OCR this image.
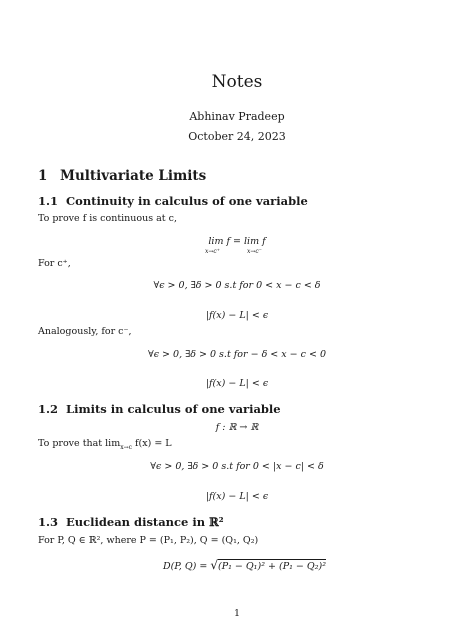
Notes
Abhinav Pradeep
October 24, 2023
1 Multivariate Limits
1.1 Continuity in calculus of one variable
To prove f is continuous at c,
lim f = lim f
x→c⁺	x→c⁻
For c⁺,
∀ϵ > 0, ∃δ > 0 s.t for 0 < x − c < δ
|f(x) − L| < ϵ
Analogously, for c⁻,
∀ϵ > 0, ∃δ > 0 s.t for − δ < x − c < 0
|f(x) − L| < ϵ
1.2 Limits in calculus of one variable
f : ℝ → ℝ
To prove that $\lim_{x\to c} f(x) = L$
∀ϵ > 0, ∃δ > 0 s.t for 0 < |x − c| < δ
|f(x) − L| < ϵ
1.3 Euclidean distance in ℝ²
For P, Q ∈ ℝ², where P = (P₁, P₂), Q = (Q₁, Q₂)
D(P, Q) = √(P₁ − Q₁)² + (P₁ − Q₂)²
1
